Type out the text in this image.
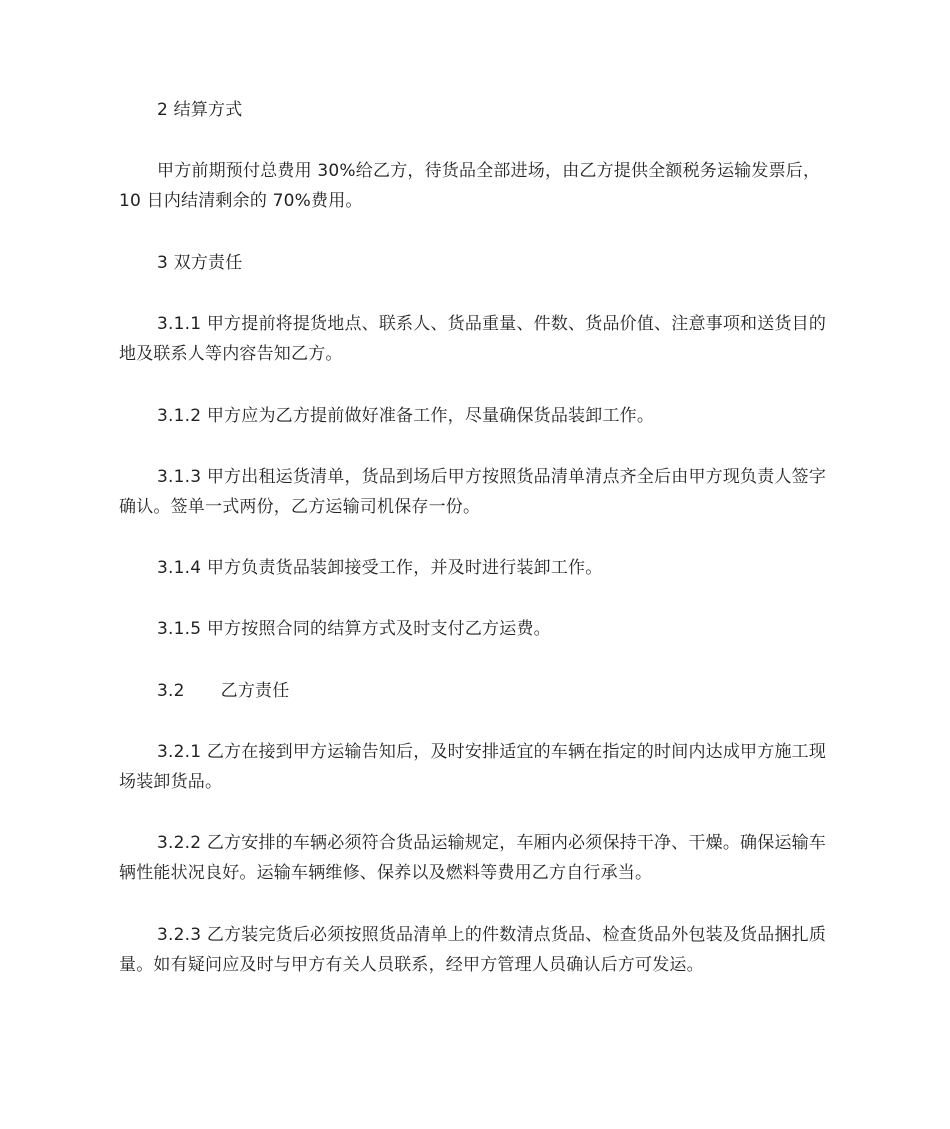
2 结算方式

甲方前期预付总费用 30%给乙方，待货品全部进场，由乙方提供全额税务运输发票后，10 日内结清剩余的 70%费用。

3 双方责任

3.1.1 甲方提前将提货地点、联系人、货品重量、件数、货品价值、注意事项和送货目的地及联系人等内容告知乙方。

3.1.2 甲方应为乙方提前做好准备工作，尽量确保货品装卸工作。

3.1.3 甲方出租运货清单，货品到场后甲方按照货品清单清点齐全后由甲方现负责人签字确认。签单一式两份，乙方运输司机保存一份。

3.1.4 甲方负责货品装卸接受工作，并及时进行装卸工作。

3.1.5 甲方按照合同的结算方式及时支付乙方运费。

3.2 乙方责任

3.2.1 乙方在接到甲方运输告知后，及时安排适宜的车辆在指定的时间内达成甲方施工现场装卸货品。

3.2.2 乙方安排的车辆必须符合货品运输规定，车厢内必须保持干净、干燥。确保运输车辆性能状况良好。运输车辆维修、保养以及燃料等费用乙方自行承当。

3.2.3 乙方装完货后必须按照货品清单上的件数清点货品、检查货品外包装及货品捆扎质量。如有疑问应及时与甲方有关人员联系，经甲方管理人员确认后方可发运。
